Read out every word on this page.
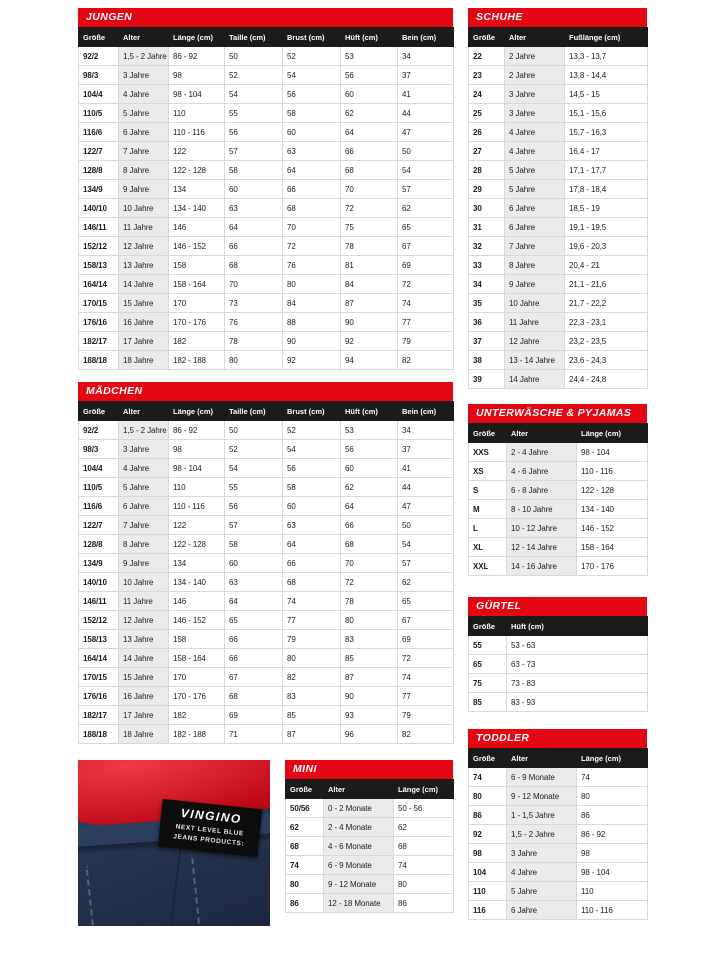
JUNGEN
Größe	Alter	Länge (cm)	Taille (cm)	Brust (cm)	Hüft (cm)	Bein (cm)
92/2	1,5 - 2 Jahre	86 - 92	50	52	53	34
98/3	3 Jahre	98	52	54	56	37
104/4	4 Jahre	98 - 104	54	56	60	41
110/5	5 Jahre	110	55	58	62	44
116/6	6 Jahre	110 - 116	56	60	64	47
122/7	7 Jahre	122	57	63	66	50
128/8	8 Jahre	122 - 128	58	64	68	54
134/9	9 Jahre	134	60	66	70	57
140/10	10 Jahre	134 - 140	63	68	72	62
146/11	11 Jahre	146	64	70	75	65
152/12	12 Jahre	146 - 152	66	72	78	67
158/13	13 Jahre	158	68	76	81	69
164/14	14 Jahre	158 - 164	70	80	84	72
170/15	15 Jahre	170	73	84	87	74
176/16	16 Jahre	170 - 176	76	88	90	77
182/17	17 Jahre	182	78	90	92	79
188/18	18 Jahre	182 - 188	80	92	94	82
MÄDCHEN
Größe	Alter	Länge (cm)	Taille (cm)	Brust (cm)	Hüft (cm)	Bein (cm)
92/2	1,5 - 2 Jahre	86 - 92	50	52	53	34
98/3	3 Jahre	98	52	54	56	37
104/4	4 Jahre	98 - 104	54	56	60	41
110/5	5 Jahre	110	55	58	62	44
116/6	6 Jahre	110 - 116	56	60	64	47
122/7	7 Jahre	122	57	63	66	50
128/8	8 Jahre	122 - 128	58	64	68	54
134/9	9 Jahre	134	60	66	70	57
140/10	10 Jahre	134 - 140	63	68	72	62
146/11	11 Jahre	146	64	74	78	65
152/12	12 Jahre	146 - 152	65	77	80	67
158/13	13 Jahre	158	66	79	83	69
164/14	14 Jahre	158 - 164	66	80	85	72
170/15	15 Jahre	170	67	82	87	74
176/16	16 Jahre	170 - 176	68	83	90	77
182/17	17 Jahre	182	69	85	93	79
188/18	18 Jahre	182 - 188	71	87	96	82
VINGINO
NEXT LEVEL BLUE JEANS PRODUCTS:
MINI
Größe	Alter	Länge (cm)
50/56	0 - 2 Monate	50 - 56
62	2 - 4 Monate	62
68	4 - 6 Monate	68
74	6 - 9 Monate	74
80	9 - 12 Monate	80
86	12 - 18 Monate	86
SCHUHE
Größe	Alter	Fußlänge (cm)
22	2 Jahre	13,3 - 13,7
23	2 Jahre	13,8 - 14,4
24	3 Jahre	14,5 - 15
25	3 Jahre	15,1 - 15,6
26	4 Jahre	15,7 - 16,3
27	4 Jahre	16,4 - 17
28	5 Jahre	17,1 - 17,7
29	5 Jahre	17,8 - 18,4
30	6 Jahre	18,5 - 19
31	6 Jahre	19,1 - 19,5
32	7 Jahre	19,6 - 20,3
33	8 Jahre	20,4 - 21
34	9 Jahre	21,1 - 21,6
35	10 Jahre	21,7 - 22,2
36	11 Jahre	22,3 - 23,1
37	12 Jahre	23,2 - 23,5
38	13 - 14 Jahre	23,6 - 24,3
39	14 Jahre	24,4 - 24,8
UNTERWÄSCHE & PYJAMAS
Größe	Alter	Länge (cm)
XXS	2 - 4 Jahre	98 - 104
XS	4 - 6 Jahre	110 - 116
S	6 - 8 Jahre	122 - 128
M	8 - 10 Jahre	134 - 140
L	10 - 12 Jahre	146 - 152
XL	12 - 14 Jahre	158 - 164
XXL	14 - 16 Jahre	170 - 176
GÜRTEL
Größe	Hüft (cm)
55	53 - 63
65	63 - 73
75	73 - 83
85	83 - 93
TODDLER
Größe	Alter	Länge (cm)
74	6 - 9 Monate	74
80	9 - 12 Monate	80
86	1 - 1,5 Jahre	86
92	1,5 - 2 Jahre	86 - 92
98	3 Jahre	98
104	4 Jahre	98 - 104
110	5 Jahre	110
116	6 Jahre	110 - 116
